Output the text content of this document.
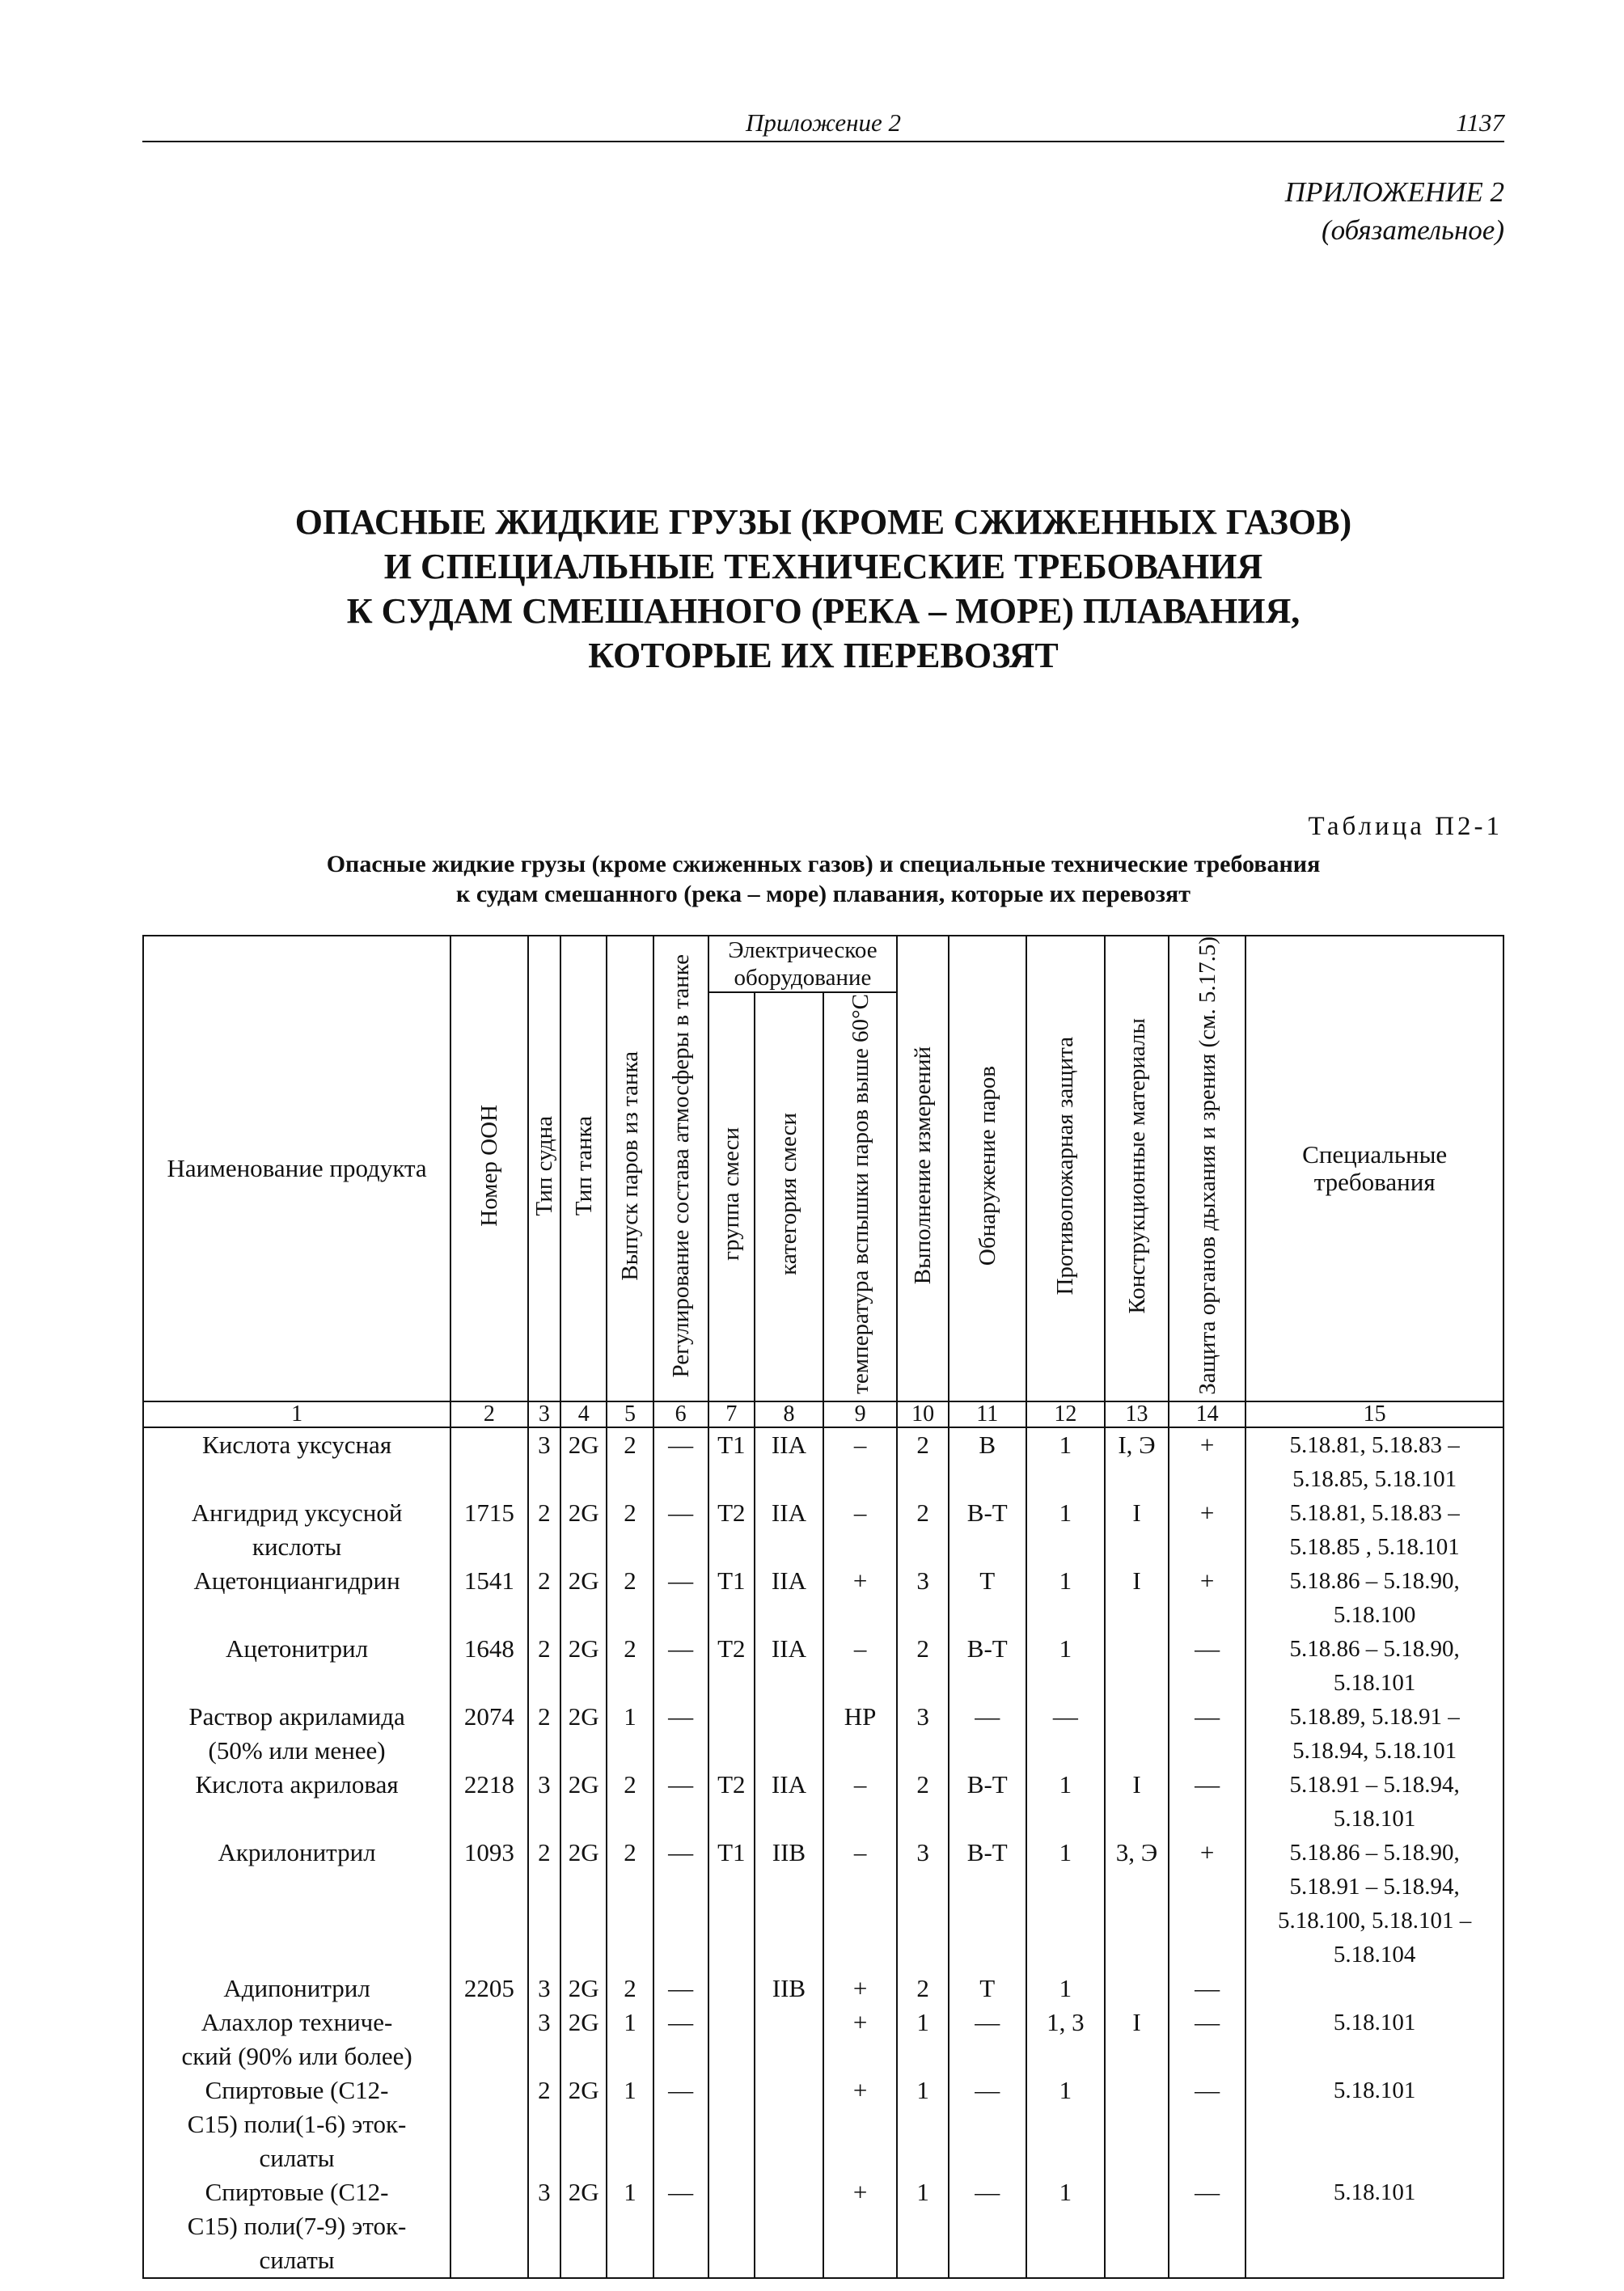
Приложение 2	1137
ПРИЛОЖЕНИЕ 2
(обязательное)
ОПАСНЫЕ ЖИДКИЕ ГРУЗЫ (КРОМЕ СЖИЖЕННЫХ ГАЗОВ)
И СПЕЦИАЛЬНЫЕ ТЕХНИЧЕСКИЕ ТРЕБОВАНИЯ
К СУДАМ СМЕШАННОГО (РЕКА – МОРЕ) ПЛАВАНИЯ,
КОТОРЫЕ ИХ ПЕРЕВОЗЯТ
Таблица П2-1
Опасные жидкие грузы (кроме сжиженных газов) и специальные технические требования
к судам смешанного (река – море) плавания, которые их перевозят
Наименование продукта	Номер ООН	Тип судна	Тип танка	Выпуск паров из танка	Регулирование состава атмосферы в танке	Электрическое оборудование			Выполнение измерений	Обнаружение паров	Противопожарная защита	Конструкционные материалы	Защита органов дыхания и зрения (см. 5.17.5)	Специальные требования
						группа смеси	категория смеси	температура вспышки паров выше 60°С						
1	2	3	4	5	6	7	8	9	10	11	12	13	14	15

Кислота уксусная		3	2G	2	—	Т1	IIA	–	2	В	1	I, Э	+	5.18.81, 5.18.83 –
5.18.85, 5.18.101

Ангидрид уксусной
кислоты	1715	2	2G	2	—	Т2	IIA	–	2	В-Т	1	I	+	5.18.81, 5.18.83 –
5.18.85 , 5.18.101

Ацетонциангидрин	1541	2	2G	2	—	Т1	IIA	+	3	Т	1	I	+	5.18.86 – 5.18.90,
5.18.100

Ацетонитрил	1648	2	2G	2	—	Т2	IIA	–	2	В-Т	1		—	5.18.86 – 5.18.90,
5.18.101

Раствор акриламида
(50% или менее)	2074	2	2G	1	—			НР	3	—	—		—	5.18.89, 5.18.91 –
5.18.94, 5.18.101

Кислота акриловая	2218	3	2G	2	—	Т2	IIA	–	2	В-Т	1	I	—	5.18.91 – 5.18.94,
5.18.101

Акрилонитрил	1093	2	2G	2	—	Т1	IIВ	–	3	В-Т	1	3, Э	+	5.18.86 – 5.18.90,
5.18.91 – 5.18.94,
5.18.100, 5.18.101 –
5.18.104

Адипонитрил	2205	3	2G	2	—		IIВ	+	2	Т	1		—	

Алахлор техниче-
ский (90% или более)		3	2G	1	—			+	1	—	1, 3	I	—	5.18.101

Спиртовые (С12-
С15) поли(1-6) эток-
силаты		2	2G	1	—			+	1	—	1		—	5.18.101

Спиртовые (С12-
С15) поли(7-9) эток-
силаты		3	2G	1	—			+	1	—	1		—	5.18.101
